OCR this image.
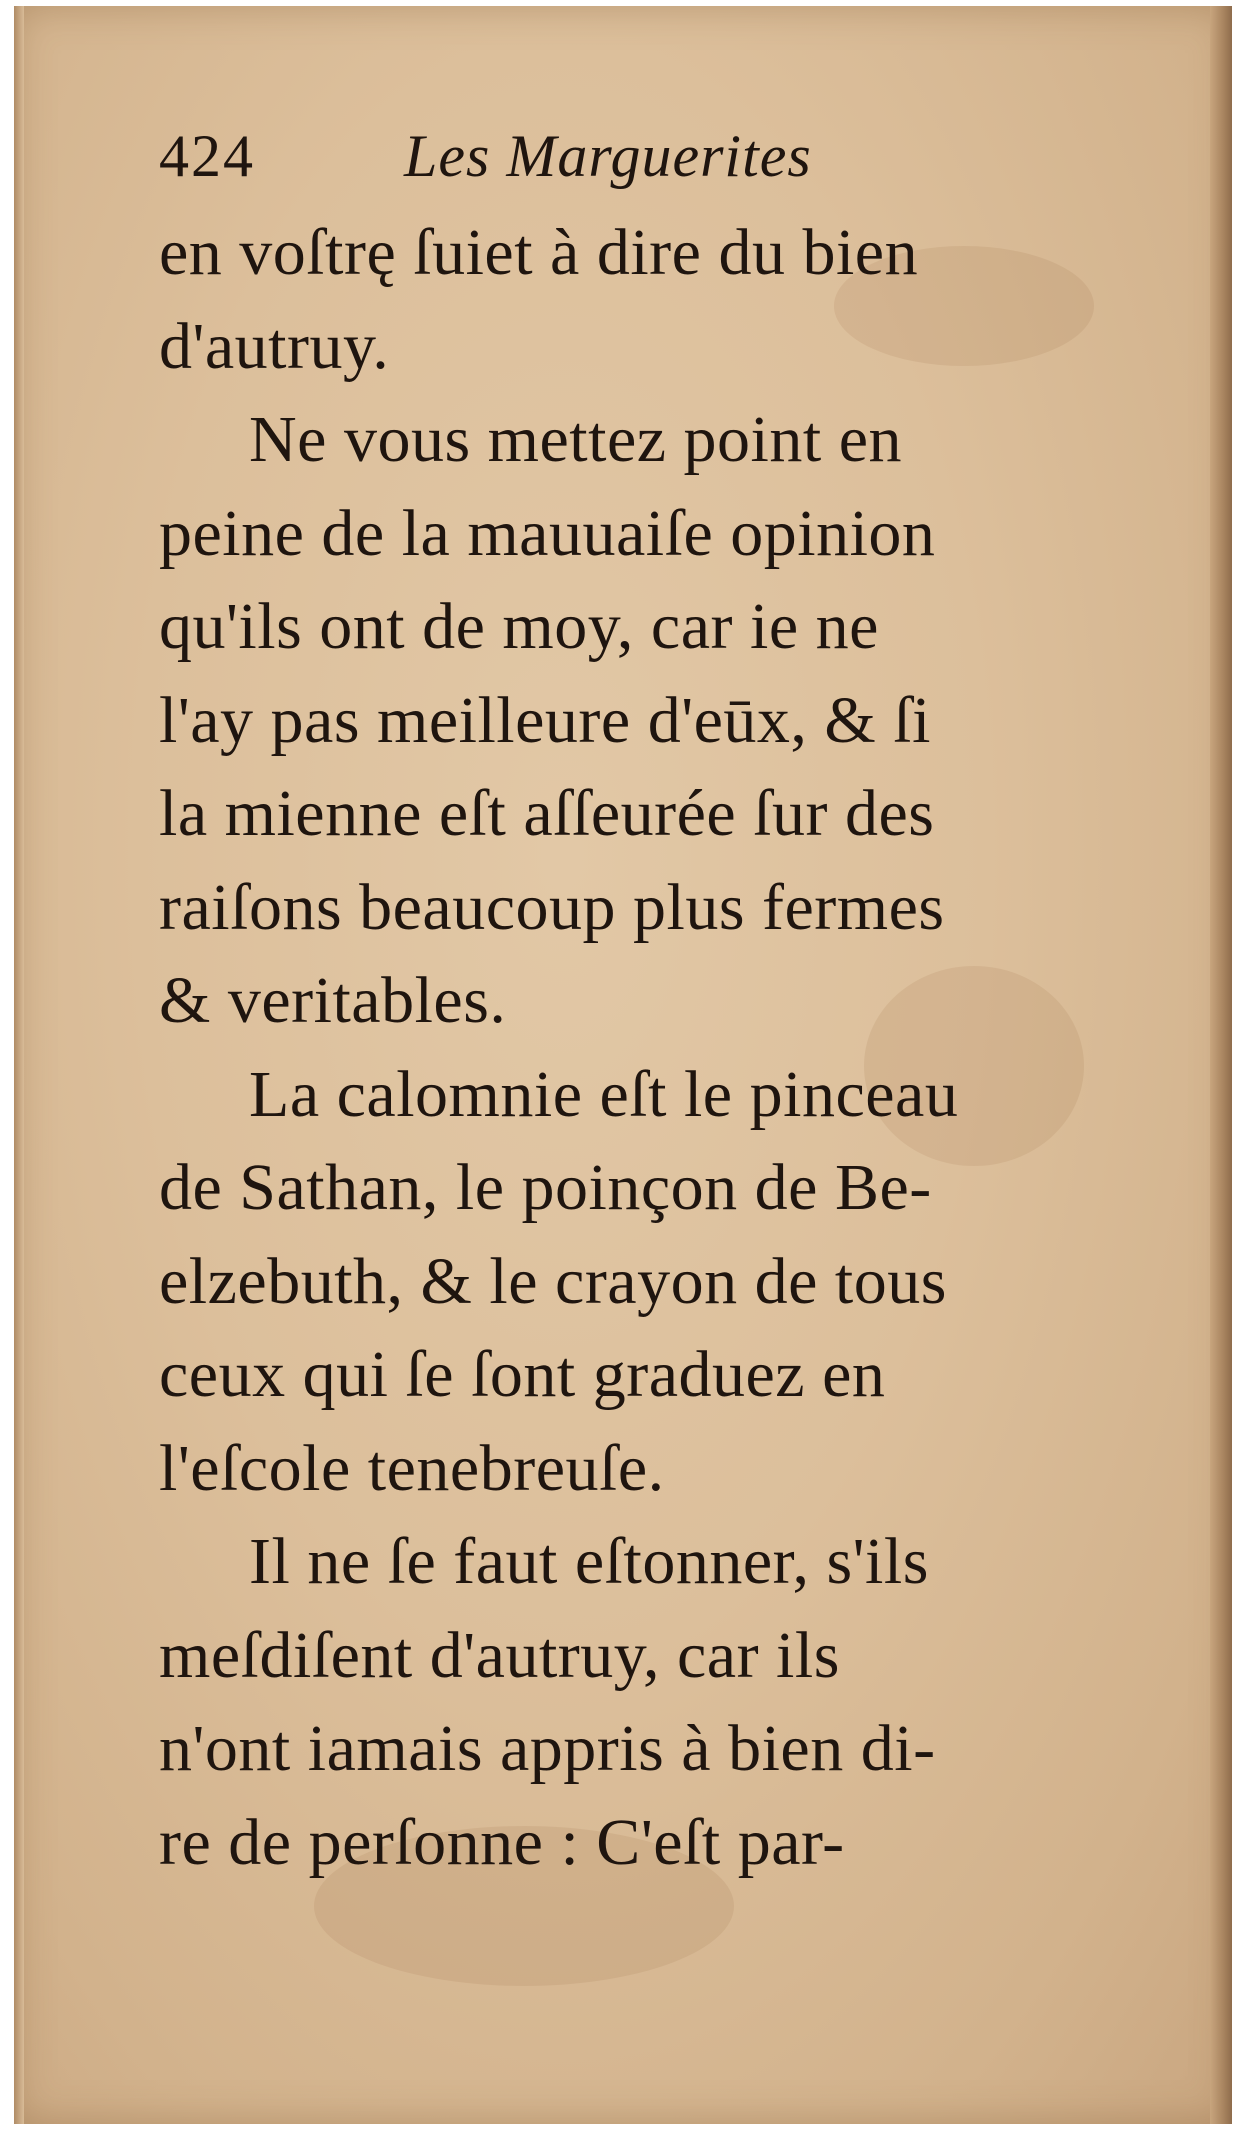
424 Les Marguerites
en voſtrę ſuiet à dire du bien
d'autruy.
Ne vous mettez point en
peine de la mauuaiſe opinion
qu'ils ont de moy, car ie ne
l'ay pas meilleure d'eūx, & ſi
la mienne eſt aſſeurée ſur des
raiſons beaucoup plus fermes
& veritables.
La calomnie eſt le pinceau
de Sathan, le poinçon de Be-
elzebuth, & le crayon de tous
ceux qui ſe ſont graduez en
l'eſcole tenebreuſe.
Il ne ſe faut eſtonner, s'ils
meſdiſent d'autruy, car ils
n'ont iamais appris à bien di-
re de perſonne : C'eſt par-
